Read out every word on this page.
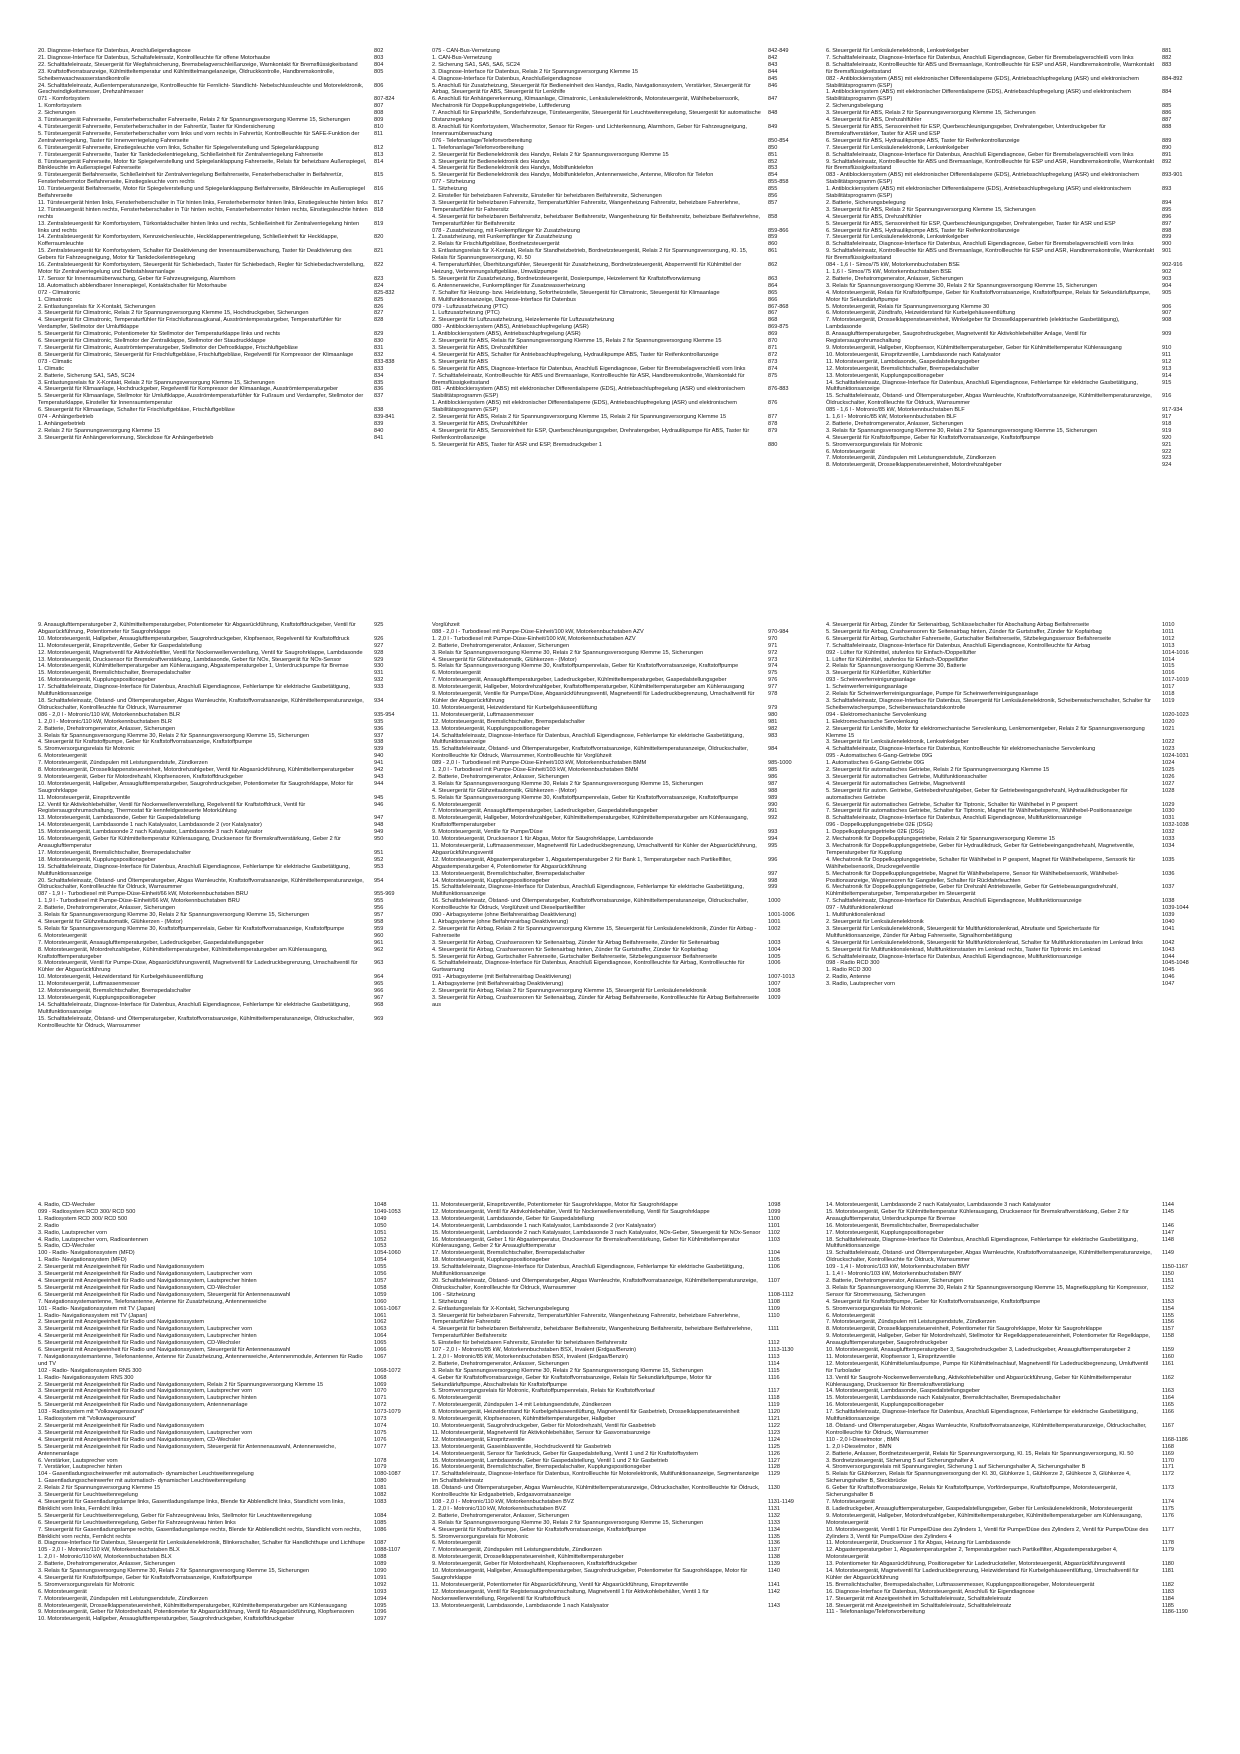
20. Diagnose-Interface für Datenbus, Anschlußeigendiagnose	802
21. Diagnose-Interface für Datenbus, Schaltafeleinsatz, Kontrollleuchte für offene Motorhaube	803
22. Schalttafeleinsatz, Steuergerät für Wegfahrsicherung, Bremsbelagverschleißanzeige, Warnkontakt für Bremsflüssigkeitsstand	804
23. Kraftstoffvorratsanzeige, Kühlmitteltemperatur und Kühlmittelmangelanzeige, Öldruckkontrolle, Handbremskontrolle, Scheibenwaschwasserstandkontrolle
805
24. Schalttafeleinsatz, Außentemperaturanzeige, Kontrollleuchte für Fernlicht- Standlicht- Nebelschlussleuchte und Motorelektronik, Geschwindigkeitsmesser, Drehzahlmesser
806
071 - Komfortsystem	807-824
1. Komfortsystem	807
2. Sicherungen	808
3. Türsteuergerät Fahrerseite, Fensterheberschalter Fahrerseite, Relais 2 für Spannungsversorgung Klemme 15, Sicherungen	809
4. Türsteuergerät Fahrerseite, Fensterheberschalter in der Fahrertür, Taster für Kindersicherung	810
5. Türsteuergerät Fahrerseite, Fensterheberschalter vorn links und vorn rechts in Fahrertür, Kontrollleuchte für SAFE-Funktion der Zentralverriegelung, Taster für Innenverriegelung Fahrerseite
811
6. Türsteuergerät Fahrerseite, Einstiegsleuchte vorn links, Schalter für Spiegelverstellung und Spiegelanklappung	812
7. Türsteuergerät Fahrerseite, Taster für Tankdeckelentriegelung, Schließeinheit für Zentralverriegelung Fahrerseite	813
8. Türsteuergerät Fahrerseite, Motor für Spiegelverstellung und Spiegelanklappung Fahrerseite, Relais für beheizbare Außenspiegel, Blinkleuchte im Außenspiegel Fahrerseite
814
9. Türsteuergerät Beifahrerseite, Schließeinheit für Zentralverriegelung Beifahrerseite, Fensterheberschalter in Beifahrertür, Fensterhebermotor Beifahrerseite, Einstiegsleuchte vorn rechts
815
10. Türsteuergerät Beifahrerseite, Motor für Spiegelverstellung und Spiegelanklappung Beifahrerseite, Blinkleuchte im Außenspiegel Beifahrerseite
816
11. Türsteuergerät hinten links, Fensterheberschalter in Tür hinten links, Fensterhebermotor hinten links, Einstiegsleuchte hinten links	817
12. Türsteuergerät hinten rechts, Fensterheberschalter in Tür hinten rechts, Fensterhebermotor hinten rechts, Einstiegsleuchte hinten rechts
818
13. Zentralsteuergerät für Komfortsystem, Türkontaktschalter hinten links und rechts, Schließeinheit für Zentralverriegelung hinten links und rechts
819
14. Zentralsteuergerät für Komfortsystem, Kennzeichenleuchte, Heckklappenentriegelung, Schließeinheit für Heckklappe, Kofferraumleuchte
820
15. Zentralsteuergerät für Komfortsystem, Schalter für Deaktivierung der Innenraumüberwachung, Taster für Deaktivierung des Gebers für Fahrzeugneigung, Motor für Tankdeckelentriegelung
821
16. Zentralsteuergerät für Komfortsystem, Steuergerät für Schiebedach, Taster für Schiebedach, Regler für Schiebedachverstellung, Motor für Zentralverriegelung und Diebstahlwarnanlage
822
17. Sensor für Innenraumüberwachung, Geber für Fahrzeugneigung, Alarmhorn	823
18. Automatisch abblendbarer Innenspiegel, Kontaktschalter für Motorhaube	824
072 - Climatronic	825-832
1. Climatronic	825
2. Entlastungsrelais für X-Kontakt, Sicherungen	826
3. Steuergerät für Climatronic, Relais 2 für Spannungsversorgung Klemme 15, Hochdruckgeber, Sicherungen	827
4. Steuergerät für Climatronic, Temperaturfühler für Frischluftansaugkanal, Ausströmtemperaturgeber, Temperaturfühler für Verdampfer, Stellmotor der Umluftklappe
828
5. Steuergerät für Climatronic, Potentiometer für Stellmotor der Temperaturklappe links und rechts	829
6. Steuergerät für Climatronic, Stellmotor der Zentralklappe, Stellmotor der Staudruckklappe	830
7. Steuergerät für Climatronic, Ausströmtemperaturgeber, Stellmotor der Defrostklappe, Frischluftgebläse	831
8. Steuergerät für Climatronic, Steuergerät für Frischluftgebläse, Frischluftgebläse, Regelventil für Kompressor der Klimaanlage	832
073 - Climatic	833-838
1. Climatic	833
2. Batterie, Sicherung SA1, SA5, SC24	834
3. Entlastungsrelais für X-Kontakt, Relais 2 für Spannungsversorgung Klemme 15, Sicherungen	835
4. Steuergerät für Klimaanlage, Hochdruckgeber, Regelventil für Kompressor der Klimaanlage, Ausströmtemperaturgeber	836
5. Steuergerät für Klimaanlage, Stellmotor für Umluftklappe, Ausströmtemperaturfühler für Fußraum und Verdampfer, Stellmotor der Temperaturklappe, Einsteller für Innenraumtemperatur
837
6. Steuergerät für Klimaanlage, Schalter für Frischluftgebläse, Frischluftgebläse	838
074 - Anhängerbetrieb	839-841
1. Anhängerbetrieb	839
2. Relais 2 für Spannungsversorgung Klemme 15	840
3. Steuergerät für Anhängererkennung, Steckdose für Anhängerbetrieb	841
075 - CAN-Bus-Vernetzung	842-849
1. CAN-Bus-Vernetzung	842
2. Sicherung SA1, SA5, SA6, SC24	843
3. Diagnose-Interface für Datenbus, Relais 2 für Spannungsversorgung Klemme 15	844
4. Diagnose-Interface für Datenbus, Anschlußeigendiagnose	845
5. Anschluß für Zusatzheizung, Steuergerät für Bedieneinheit des Handys, Radio, Navigationssystem, Verstärker, Steuergerät für Airbag, Steuergerät für ABS, Steuergerät für Lenkhilfe
846
6. Anschluß für Anhängererkennung, Klimaanlage, Climatronic, Lenksäulenelektronik, Motorsteuergerät, Wählhebelsensorik, Mechatronik für Doppelkupplungsgetriebe, Luftfederung
847
7. Anschluß für Einparkhilfe, Sonderfahrzeuge, Türsteuergeräte, Steuergerät für Leuchtweitenregelung, Steuergerät für automatische Distanzregelung
848
8. Anschluß für Komfortsystem, Wischermotor, Sensor für Regen- und Lichterkennung, Alarmhorn, Geber für Fahrzeugneigung, Innenraumüberwachung
849
076 - Telefonanlage/Telefonvorbereitung	850-854
1. Telefonanlage/Telefonvorbereitung	850
2. Steuergerät für Bedienelektronik des Handys, Relais 2 für Spannungsversorgung Klemme 15	851
3. Steuergerät für Bedienelektronik des Handys	852
4. Steuergerät für Bedienelektronik des Handys, Mobilfunktelefon	853
5. Steuergerät für Bedienelektronik des Handys, Mobilfunktelefon, Antennenweiche, Antenne, Mikrofon für Telefon	854
077 - Sitzheizung	855-858
1. Sitzheizung	855
2. Einsteller für beheizbaren Fahrersitz, Einsteller für beheizbaren Beifahrersitz, Sicherungen	856
3. Steuergerät für beheizbaren Fahrersitz, Temperaturfühler Fahrersitz, Wangenheizung Fahrersitz, beheizbare Fahrerlehne, Temperaturfühler für Fahrersitz
857
4. Steuergerät für beheizbaren Beifahrersitz, beheizbarer Beifahrersitz, Wangenheizung für Beifahrersitz, beheizbare Beifahrerlehne, Temperaturfühler für Beifahrersitz
858
078 - Zusatzheizung, mit Funkempfänger für Zusatzheizung	859-866
1. Zusatzheizung, mit Funkempfänger für Zusatzheizung	859
2. Relais für Frischluftgebläse, Bordnetzsteuergerät	860
3. Entlastungsrelais für X-Kontakt, Relais für Standheizbetrieb, Bordnetzsteuergerät, Relais 2 für Spannungsversorgung, Kl. 15, Relais für Spannungsversorgung, Kl. 50
861
4. Temperaturfühler, Überhitzungsfühler, Steuergerät für Zusatzheizung, Bordnetzsteuergerät, Absperrventil für Kühlmittel der Heizung, Verbrennungsluftgebläse, Umwälzpumpe
862
5. Steuergerät für Zusatzheizung, Bordnetzsteuergerät, Dosierpumpe, Heizelement für Kraftstoffvorwärmung	863
6. Antennenweiche, Funkempfänger für Zusatzwasserheizung	864
7. Schalter für Heizung- bzw. Heizleistung, Sofortheizstelle, Steuergerät für Climatronic, Steuergerät für Klimaanlage	865
8. Multifunktionsanzeige, Diagnose-Interface für Datenbus	866
079 - Luftzusatzheizung (PTC)	867-868
1. Luftzusatzheizung (PTC)	867
2. Steuergerät für Luftzusatzheizung, Heizelemente für Luftzusatzheizung	868
080 - Antiblockiersystem (ABS), Antriebsschlupfregelung (ASR)	869-875
1. Antiblockiersystem (ABS), Antriebsschlupfregelung (ASR)	869
2. Steuergerät für ABS, Relais für Spannungsversorgung Klemme 15, Relais 2 für Spannungsversorgung Klemme 15	870
3. Steuergerät für ABS, Drehzahlfühler	871
4. Steuergerät für ABS, Schalter für Antriebsschlupfregelung, Hydraulikpumpe ABS, Taster für Reifenkontrollanzeige	872
5. Steuergerät für ABS	873
6. Steuergerät für ABS, Diagnose-Interface für Datenbus, Anschluß Eigendiagnose, Geber für Bremsbelagverschleiß vorn links	874
7. Schalttafeleinsatz, Kontrollleuchte für ABS und Bremsanlage, Kontrollleuchte für ASR, Handbremskontrolle, Warnkontakt für Bremsflüssigkeitsstand
875
081 - Antiblockiersystem (ABS) mit elektronischer Differentialsperre (EDS), Antriebsschlupfregelung (ASR) und elektronischem Stabilitätsprogramm (ESP)
876-883
1. Antiblockiersystem (ABS) mit elektronischer Differentialsperre (EDS), Antriebsschlupfregelung (ASR) und elektronischem Stabilitätsprogramm (ESP)
876
2. Steuergerät für ABS, Relais 2 für Spannungsversorgung Klemme 15, Relais 2 für Spannungsversorgung Klemme 15	877
3. Steuergerät für ABS, Drehzahlfühler	878
4. Steuergerät für ABS, Sensoreinheit für ESP, Querbeschleunigungsgeber, Drehratengeber, Hydraulikpumpe für ABS, Taster für Reifenkontrollanzeige
879
5. Steuergerät für ABS, Taster für ASR und ESP, Bremsdruckgeber 1	880
6. Steuergerät für Lenksäulenelektronik, Lenkwinkelgeber	881
7. Schalttafeleinsatz, Diagnose-Interface für Datenbus, Anschluß Eigendiagnose, Geber für Bremsbelagverschleiß vorn links	882
8. Schalttafeleinsatz, Kontrollleuchte für ABS und Bremsanlage, Kontrollleuchte für ESP und ASR, Handbremskontrolle, Warnkontakt für Bremsflüssigkeitsstand
883
082 - Antiblockiersystem (ABS) mit elektronischer Differentialsperre (EDS), Antriebsschlupfregelung (ASR) und elektronischem Stabilitätsprogramm (ESP)
884-892
1. Antiblockiersystem (ABS) mit elektronischer Differentialsperre (EDS), Antriebsschlupfregelung (ASR) und elektronischem Stabilitätsprogramm (ESP)
884
2. Sicherungsbelegung	885
3. Steuergerät für ABS, Relais 2 für Spannungsversorgung Klemme 15, Sicherungen	886
4. Steuergerät für ABS, Drehzahlfühler	887
5. Steuergerät für ABS, Sensoreinheit für ESP, Querbeschleunigungsgeber, Drehratengeber, Unterdruckgeber für Bremskraftverstärker, Taster für ASR und ESP
888
6. Steuergerät für ABS, Hydraulikpumpe ABS, Taster für Reifenkontrollanzeige	889
7. Steuergerät für Lenksäulenelektronik, Lenkwinkelgeber	890
8. Schalttafeleinsatz, Diagnose-Interface für Datenbus, Anschluß Eigendiagnose, Geber für Bremsbelagverschleiß vorn links	891
9. Schalttafeleinsatz, Kontrollleuchte für ABS und Bremsanlage, Kontrollleuchte für ESP und ASR, Handbremskontrolle, Warnkontakt für Bremsflüssigkeitsstand
892
083 - Antiblockiersystem (ABS) mit elektronischer Differentialsperre (EDS), Antriebsschlupfregelung (ASR) und elektronischem Stabilitätsprogramm (ESP)
893-901
1. Antiblockiersystem (ABS) mit elektronischer Differentialsperre (EDS), Antriebsschlupfregelung (ASR) und elektronischem Stabilitätsprogramm (ESP)
893
2. Batterie, Sicherungsbelegung	894
3. Steuergerät für ABS, Relais 2 für Spannungsversorgung Klemme 15, Sicherungen	895
4. Steuergerät für ABS, Drehzahlfühler	896
5. Steuergerät für ABS, Sensoreinheit für ESP, Querbeschleunigungsgeber, Drehratengeber, Taster für ASR und ESP	897
6. Steuergerät für ABS, Hydraulikpumpe ABS, Taster für Reifenkontrollanzeige	898
7. Steuergerät für Lenksäulenelektronik, Lenkwinkelgeber	899
8. Schalttafeleinsatz, Diagnose-Interface für Datenbus, Anschluß Eigendiagnose, Geber für Bremsbelagverschleiß vorn links	900
9. Schalttafeleinsatz, Kontrollleuchte für ABS und Bremsanlage, Kontrollleuchte für ESP und ASR, Handbremskontrolle, Warnkontakt für Bremsflüssigkeitsstand
901
084 - 1,6 l - Simos/75 kW, Motorkennbuchstaben BSE	902-916
1. 1,6 l - Simos/75 kW, Motorkennbuchstaben BSE	902
2. Batterie, Drehstromgenerator, Anlasser, Sicherungen	903
3. Relais für Spannungsversorgung Klemme 30, Relais 2 für Spannungsversorgung Klemme 15, Sicherungen	904
4. Motorsteuergerät, Relais für Kraftstoffpumpe, Geber für Kraftstoffvorratsanzeige, Kraftstoffpumpe, Relais für Sekundärluftpumpe, Motor für Sekundärluftpumpe
905
5. Motorsteuergerät, Relais für Spannungsversorgung Klemme 30	906
6. Motorsteuergerät, Zündtrafo, Heizwiderstand für Kurbelgehäuseentlüftung	907
7. Motorsteuergerät, Drosselklappensteuereinheit, Winkelgeber für Drosselklappenantrieb (elektrische Gasbetätigung), Lambdasonde
908
8. Ansauglufttemperaturgeber, Saugrohrdruckgeber, Magnetventil für Aktivkohlebehälter Anlage, Ventil für Registersaugrohrumschaltung
909
9. Motorsteuergerät, Hallgeber, Klopfsensor, Kühlmitteltemperaturgeber, Geber für Kühlmitteltemperatur Kühlerausgang	910
10. Motorsteuergerät, Einspritzventile, Lambdasonde nach Katalysator	911
11. Motorsteuergerät, Lambdasonde, Gaspedalstellungsgeber	912
12. Motorsteuergerät, Bremslichtschalter, Bremspedalschalter	913
13. Motorsteuergerät, Kupplungspositionsgeber	914
14. Schalttafeleinsatz, Diagnose-Interface für Datenbus, Anschluß Eigendiagnose, Fehlerlampe für elektrische Gasbetätigung, Multifunktionsanzeige
915
15. Schalttafeleinsatz, Ölstand- und Öltemperaturgeber, Abgas Warnleuchte, Kraftstoffvorratsanzeige, Kühlmitteltemperaturanzeige, Öldruckschalter, Kontrollleuchte für Öldruck, Warnsummer
916
085 - 1,6 l - Motronic/85 kW, Motorkennbuchstaben BLF	917-934
1. 1,6 l - Motronic/85 kW, Motorkennbuchstaben BLF	917
2. Batterie, Drehstromgenerator, Anlasser, Sicherungen	918
3. Relais für Spannungsversorgung Klemme 30, Relais 2 für Spannungsversorgung Klemme 15, Sicherungen	919
4. Steuergerät für Kraftstoffpumpe, Geber für Kraftstoffvorratsanzeige, Kraftstoffpumpe	920
5. Stromversorgungsrelais für Motronic	921
6. Motorsteuergerät	922
7. Motorsteuergerät, Zündspulen mit Leistungsendstufe, Zündkerzen	923
8. Motorsteuergerät, Drosselklappensteuereinheit, Motordrehzahlgeber	924
9. Ansauglufttemperaturgeber 2, Kühlmitteltemperaturgeber, Potentiometer für Abgasrückführung, Kraftstoffdruckgeber, Ventil für Abgasrückführung, Potentiometer für Saugrohrklappe
925
10. Motorsteuergerät, Hallgeber, Ansauglufttemperaturgeber, Saugrohrdruckgeber, Klopfsensor, Regelventil für Kraftstoffdruck	926
11. Motorsteuergerät, Einspritzventile, Geber für Gaspedalstellung	927
12. Motorsteuergerät, Magnetventil für Aktivkohlefilter, Ventil für Nockenwellenverstellung, Ventil für Saugrohrklappe, Lambdasonde	928
13. Motorsteuergerät, Drucksensor für Bremskraftverstärkung, Lambdasonde, Geber für NOx, Steuergerät für NOx-Sensor	929
14. Motorsteuergerät, Kühlmitteltemperaturgeber am Kühlerausgang, Abgastemperaturgeber 1, Unterdruckpumpe für Bremse	930
15. Motorsteuergerät, Bremslichtschalter, Bremspedalschalter	931
16. Motorsteuergerät, Kupplungspositionsgeber	932
17. Schalttafeleinsatz, Diagnose-Interface für Datenbus, Anschluß Eigendiagnose, Fehlerlampe für elektrische Gasbetätigung, Multifunktionsanzeige
933
18. Schalttafeleinsatz, Ölstand- und Öltemperaturgeber, Abgas Warnleuchte, Kraftstoffvorratsanzeige, Kühlmitteltemperaturanzeige, Öldruckschalter, Kontrollleuchte für Öldruck, Warnsummer
934
086 - 2,0 l - Motronic/110 kW, Motorkennbuchstaben BLR	935-954
1. 2,0 l - Motronic/110 kW, Motorkennbuchstaben BLR	935
2. Batterie, Drehstromgenerator, Anlasser, Sicherungen	936
3. Relais für Spannungsversorgung Klemme 30, Relais 2 für Spannungsversorgung Klemme 15, Sicherungen	937
4. Steuergerät für Kraftstoffpumpe, Geber für Kraftstoffvorratsanzeige, Kraftstoffpumpe	938
5. Stromversorgungsrelais für Motronic	939
6. Motorsteuergerät	940
7. Motorsteuergerät, Zündspulen mit Leistungsendstufe, Zündkerzen	941
8. Motorsteuergerät, Drosselklappensteuereinheit, Motordrehzahlgeber, Ventil für Abgasrückführung, Kühlmitteltemperaturgeber	942
9. Motorsteuergerät, Geber für Motordrehzahl, Klopfsensoren, Kraftstoffdruckgeber	943
10. Motorsteuergerät, Hallgeber, Ansauglufttemperaturgeber, Saugrohrdruckgeber, Potentiometer für Saugrohrklappe, Motor für Saugrohrklappe
944
11. Motorsteuergerät, Einspritzventile	945
12. Ventil für Aktivkohlebehälter, Ventil für Nockenwellenverstellung, Regelventil für Kraftstoffdruck, Ventil für Registersaugrohrumschaltung, Thermostat für kennfeldgesteuerte Motorkühlung
946
13. Motorsteuergerät, Lambdasonde, Geber für Gaspedalstellung	947
14. Motorsteuergerät, Lambdasonde 1 nach Katalysator, Lambdasonde 2 (vor Katalysator)	948
15. Motorsteuergerät, Lambdasonde 2 nach Katalysator, Lambdasonde 3 nach Katalysator	949
16. Motorsteuergerät, Geber für Kühlmitteltemperatur Kühlerausgang, Drucksensor für Bremskraftverstärkung, Geber 2 für Ansauglufttemperatur
950
17. Motorsteuergerät, Bremslichtschalter, Bremspedalschalter	951
18. Motorsteuergerät, Kupplungspositionsgeber	952
19. Schalttafeleinsatz, Diagnose-Interface für Datenbus, Anschluß Eigendiagnose, Fehlerlampe für elektrische Gasbetätigung, Multifunktionsanzeige
953
20. Schalttafeleinsatz, Ölstand- und Öltemperaturgeber, Abgas Warnleuchte, Kraftstoffvorratsanzeige, Kühlmitteltemperaturanzeige, Öldruckschalter, Kontrollleuchte für Öldruck, Warnsummer
954
087 - 1,9 l - Turbodiesel mit Pumpe-Düse-Einheit/66 kW, Motorkennbuchstaben BRU	955-969
1. 1,9 l - Turbodiesel mit Pumpe-Düse-Einheit/66 kW, Motorkennbuchstaben BRU	955
2. Batterie, Drehstromgenerator, Anlasser, Sicherungen	956
3. Relais für Spannungsversorgung Klemme 30, Relais 2 für Spannungsversorgung Klemme 15, Sicherungen	957
4. Steuergerät für Glühzeitautomatik, Glühkerzen - (Motor)	958
5. Relais für Spannungsversorgung Klemme 30, Kraftstoffpumpenrelais, Geber für Kraftstoffvorratsanzeige, Kraftstoffpumpe	959
6. Motorsteuergerät	960
7. Motorsteuergerät, Ansauglufttemperaturgeber, Ladedruckgeber, Gaspedalstellungsgeber	961
8. Motorsteuergerät, Motordrehzahlgeber, Kühlmitteltemperaturgeber, Kühlmitteltemperaturgeber am Kühlerausgang, Kraftstofftemperaturgeber
962
9. Motorsteuergerät, Ventil für Pumpe-Düse, Abgasrückführungsventil, Magnetventil für Ladedruckbegrenzung, Umschaltventil für Kühler der Abgasrückführung
963
10. Motorsteuergerät, Heizwiderstand für Kurbelgehäuseentlüftung	964
11. Motorsteuergerät, Luftmassenmesser	965
12. Motorsteuergerät, Bremslichtschalter, Bremspedalschalter	966
13. Motorsteuergerät, Kupplungspositionsgeber	967
14. Schalttafeleinsatz, Diagnose-Interface für Datenbus, Anschluß Eigendiagnose, Fehlerlampe für elektrische Gasbetätigung, Multifunktionsanzeige
968
15. Schalttafeleinsatz, Ölstand- und Öltemperaturgeber, Kraftstoffvorratsanzeige, Kühlmitteltemperaturanzeige, Öldruckschalter, Kontrollleuchte für Öldruck, Warnsummer
969
Vorglühzeit
088 - 2,0 l - Turbodiesel mit Pumpe-Düse-Einheit/100 kW, Motorkennbuchstaben AZV	970-984
1. 2,0 l - Turbodiesel mit Pumpe-Düse-Einheit/100 kW, Motorkennbuchstaben AZV	970
2. Batterie, Drehstromgenerator, Anlasser, Sicherungen	971
3. Relais für Spannungsversorgung Klemme 30, Relais 2 für Spannungsversorgung Klemme 15, Sicherungen	972
4. Steuergerät für Glühzeitautomatik, Glühkerzen - (Motor)	973
5. Relais für Spannungsversorgung Klemme 30, Kraftstoffpumpenrelais, Geber für Kraftstoffvorratsanzeige, Kraftstoffpumpe	974
6. Motorsteuergerät	975
7. Motorsteuergerät, Ansauglufttemperaturgeber, Ladedruckgeber, Kühlmitteltemperaturgeber, Gaspedalstellungsgeber	976
8. Motorsteuergerät, Hallgeber, Motordrehzahlgeber, Kraftstofftemperaturgeber, Kühlmitteltemperaturgeber am Kühlerausgang	977
9. Motorsteuergerät, Ventile für Pumpe/Düse, Abgasrückführungsventil, Magnetventil für Ladedruckbegrenzung, Umschaltventil für Kühler der Abgasrückführung
978
10. Motorsteuergerät, Heizwiderstand für Kurbelgehäuseentlüftung	979
11. Motorsteuergerät, Luftmassenmesser	980
12. Motorsteuergerät, Bremslichtschalter, Bremspedalschalter	981
13. Motorsteuergerät, Kupplungspositionsgeber	982
14. Schalttafeleinsatz, Diagnose-Interface für Datenbus, Anschluß Eigendiagnose, Fehlerlampe für elektrische Gasbetätigung, Multifunktionsanzeige
983
15. Schalttafeleinsatz, Ölstand- und Öltemperaturgeber, Kraftstoffvorratsanzeige, Kühlmitteltemperaturanzeige, Öldruckschalter, Kontrollleuchte für Öldruck, Warnsummer, Kontrollleuchte für Vorglühzeit
984
089 - 2,0 l - Turbodiesel mit Pumpe-Düse-Einheit/103 kW, Motorkennbuchstaben BMM	985-1000
1. 2,0 l - Turbodiesel mit Pumpe-Düse-Einheit/103 kW, Motorkennbuchstaben BMM	985
2. Batterie, Drehstromgenerator, Anlasser, Sicherungen	986
3. Relais für Spannungsversorgung Klemme 30, Relais 2 für Spannungsversorgung Klemme 15, Sicherungen	987
4. Steuergerät für Glühzeitautomatik, Glühkerzen - (Motor)	988
5. Relais für Spannungsversorgung Klemme 30, Kraftstoffpumpenrelais, Geber für Kraftstoffvorratsanzeige, Kraftstoffpumpe	989
6. Motorsteuergerät	990
7. Motorsteuergerät, Ansauglufttemperaturgeber, Ladedruckgeber, Gaspedalstellungsgeber	991
8. Motorsteuergerät, Hallgeber, Motordrehzahlgeber, Kühlmitteltemperaturgeber, Kühlmitteltemperaturgeber am Kühlerausgang, Kraftstofftemperaturgeber
992
9. Motorsteuergerät, Ventile für Pumpe/Düse	993
10. Motorsteuergerät, Drucksensor 1 für Abgas, Motor für Saugrohrklappe, Lambdasonde	994
11. Motorsteuergerät, Luftmassenmesser, Magnetventil für Ladedruckbegrenzung, Umschaltventil für Kühler der Abgasrückführung, Abgasrückführungsventil
995
12. Motorsteuergerät, Abgastemperaturgeber 1, Abgastemperaturgeber 2 für Bank 1, Temperaturgeber nach Partikelfilter, Abgastemperaturgeber 4, Potentiometer für Abgasrückführung
996
13. Motorsteuergerät, Bremslichtschalter, Bremspedalschalter	997
14. Motorsteuergerät, Kupplungspositionsgeber	998
15. Schalttafeleinsatz, Diagnose-Interface für Datenbus, Anschluß Eigendiagnose, Fehlerlampe für elektrische Gasbetätigung, Multifunktionsanzeige
999
16. Schalttafeleinsatz, Ölstand- und Öltemperaturgeber, Kraftstoffvorratsanzeige, Kühlmitteltemperaturanzeige, Öldruckschalter, Kontrollleuchte für Öldruck, Vorglühzeit und Dieselpartikelfilter
1000
090 - Airbagsysteme (ohne Beifahrerairbag Deaktivierung)	1001-1006
1. Airbagsysteme (ohne Beifahrerairbag Deaktivierung)	1001
2. Steuergerät für Airbag, Relais 2 für Spannungsversorgung Klemme 15, Steuergerät für Lenksäulenelektronik, Zünder für Airbag - Fahrerseite
1002
3. Steuergerät für Airbag, Crashsensoren für Seitenairbag, Zünder für Airbag Beifahrerseite, Zünder für Seitenairbag	1003
4. Steuergerät für Airbag, Crashsensoren für Seitenairbag hinten, Zünder für Gurtstraffer, Zünder für Kopfairbag	1004
5. Steuergerät für Airbag, Gurtschalter Fahrerseite, Gurtschalter Beifahrerseite, Sitzbelegungssensor Beifahrerseite	1005
6. Schalttafeleinsatz, Diagnose-Interface für Datenbus, Anschluß Eigendiagnose, Kontrollleuchte für Airbag, Kontrollleuchte für Gurtwarnung
1006
091 - Airbagsysteme (mit Beifahrerairbag Deaktivierung)	1007-1013
1. Airbagsysteme (mit Beifahrerairbag Deaktivierung)	1007
2. Steuergerät für Airbag, Relais 2 für Spannungsversorgung Klemme 15, Steuergerät für Lenksäulenelektronik	1008
3. Steuergerät für Airbag, Crashsensoren für Seitenairbag, Zünder für Airbag Beifahrerseite, Kontrollleuchte für Airbag Beifahrerseite aus
1009
4. Steuergerät für Airbag, Zünder für Seitenairbag, Schlüsselschalter für Abschaltung Airbag Beifahrerseite	1010
5. Steuergerät für Airbag, Crashsensoren für Seitenairbag hinten, Zünder für Gurtstraffer, Zünder für Kopfairbag	1011
6. Steuergerät für Airbag, Gurtschalter Fahrerseite, Gurtschalter Beifahrerseite, Sitzbelegungssensor Beifahrerseite	1012
7. Schalttafeleinsatz, Diagnose-Interface für Datenbus, Anschluß Eigendiagnose, Kontrollleuchte für Airbag	1013
092 - Lüfter für Kühlmittel, stufenlos für Einfach-/Doppellüfter	1014-1016
1. Lüfter für Kühlmittel, stufenlos für Einfach-/Doppellüfter	1014
2. Relais für Spannungsversorgung Klemme 30, Batterie	1015
3. Steuergerät für Kühlerlüfter, Kühlerlüfter	1016
093 - Scheinwerferreinigungsanlage	1017-1019
1. Scheinwerferreinigungsanlage	1017
2. Relais für Scheinwerferreinigungsanlage, Pumpe für Scheinwerferreinigungsanlage	1018
3. Schalttafeleinsatz, Diagnose-Interface für Datenbus, Steuergerät für Lenksäulenelektronik, Scheibenwischerschalter, Schalter für Scheibenwischerpumpe, Scheibenwaschstandskontrolle
1019
094 - Elektromechanische Servolenkung	1020-1023
1. Elektromechanische Servolenkung	1020
2. Steuergerät für Lenkhilfe, Motor für elektromechanische Servolenkung, Lenkmomentgeber, Relais 2 für Spannungsversorgung Klemme 15
1021
3. Steuergerät für Lenksäulenelektronik, Lenkwinkelgeber	1022
4. Schalttafeleinsatz, Diagnose-Interface für Datenbus, Kontrollleuchte für elektromechanische Servolenkung	1023
095 - Automatisches 6-Gang-Getriebe 09G	1024-1031
1. Automatisches 6-Gang-Getriebe 09G	1024
2. Steuergerät für automatisches Getriebe, Relais 2 für Spannungsversorgung Klemme 15	1025
3. Steuergerät für automatisches Getriebe, Multifunktionsschalter	1026
4. Steuergerät für automatisches Getriebe, Magnetventil	1027
5. Steuergerät für autom. Getriebe, Getriebedrehzahlgeber, Geber für Getriebeeingangsdrehzahl, Hydraulikdruckgeber für automatisches Getriebe
1028
6. Steuergerät für automatisches Getriebe, Schalter für Tiptronic, Schalter für Wählhebel in P gesperrt	1029
7. Steuergerät für automatisches Getriebe, Schalter für Tiptronic, Magnet für Wählhebelsperre, Wählhebel-Positionsanzeige	1030
8. Schalttafeleinsatz, Diagnose-Interface für Datenbus, Anschluß Eigendiagnose, Multifunktionsanzeige	1031
096 - Doppelkupplungsgetriebe 02E (DSG)	1032-1038
1. Doppelkupplungsgetriebe 02E (DSG)	1032
2. Mechatronik für Doppelkupplungsgetriebe, Relais 2 für Spannungsversorgung Klemme 15	1033
3. Mechatronik für Doppelkupplungsgetriebe, Geber für Hydraulikdruck, Geber für Getriebeeingangsdrehzahl, Magnetventile, Temperaturgeber für Kupplung
1034
4. Mechatronik für Doppelkupplungsgetriebe, Schalter für Wählhebel in P gesperrt, Magnet für Wählhebelsperre, Sensorik für Wählhebelsensorik, Druckregelventile
1035
5. Mechatronik für Doppelkupplungsgetriebe, Magnet für Wählhebelsperre, Sensor für Wählhebelsensorik, Wählhebel-Positionsanzeige, Wegsensoren für Gangsteller, Schalter für Rückfahrleuchten
1036
6. Mechatronik für Doppelkupplungsgetriebe, Geber für Drehzahl Antriebswelle, Geber für Getriebeausgangsdrehzahl, Kühlmitteltemperaturgeber, Temperaturgeber im Steuergerät
1037
7. Schalttafeleinsatz, Diagnose-Interface für Datenbus, Anschluß Eigendiagnose, Multifunktionsanzeige	1038
097 - Multifunktionslenkrad	1039-1044
1. Multifunktionslenkrad	1039
2. Steuergerät für Lenksäulenelektronik	1040
3. Steuergerät für Lenksäulenelektronik, Steuergerät für Multifunktionslenkrad, Abrufaste und Speichertaste für Multifunktionsanzeige, Zünder für Airbag Fahrerseite, Signalhornbetätigung
1041
4. Steuergerät für Lenksäulenelektronik, Steuergerät für Multifunktionslenkrad, Schalter für Multifunktionstasten im Lenkrad links	1042
5. Steuergerät für Multifunktionslenkrad, Multifunktionstasten im Lenkrad rechts, Taster für Tiptronic im Lenkrad	1043
6. Schalttafeleinsatz, Diagnose-Interface für Datenbus, Anschluß Eigendiagnose, Multifunktionsanzeige	1044
098 - Radio RCD 300	1045-1048
1. Radio RCD 300	1045
2. Radio, Antenne	1046
3. Radio, Lautsprecher vorn	1047
4. Radio, CD-Wechsler	1048
099 - Radiosystem RCD 300/ RCD 500	1049-1053
1. Radiosystem RCD 300/ RCD 500	1049
2. Radio	1050
3. Radio, Lautsprecher vorn	1051
4. Radio, Lautsprecher vorn, Radioantennen	1052
5. Radio, CD-Wechsler	1053
100 - Radio- Navigationssystem (MFD)	1054-1060
1. Radio- Navigationssystem (MFD)	1054
2. Steuergerät mit Anzeigeeinheit für Radio und Navigationssystem	1055
3. Steuergerät mit Anzeigeeinheit für Radio und Navigationssystem, Lautsprecher vorn	1056
4. Steuergerät mit Anzeigeeinheit für Radio und Navigationssystem, Lautsprecher hinten	1057
5. Steuergerät mit Anzeigeeinheit für Radio und Navigationssystem, CD-Wechsler	1058
6. Steuergerät mit Anzeigeeinheit für Radio und Navigationssystem, Steuergerät für Antennenauswahl	1059
7. Navigationssystemantenne, Telefonantenne, Antenne für Zusatzheizung, Antennenweiche	1060
101 - Radio- Navigationssystem mit TV (Japan)	1061-1067
1. Radio- Navigationssystem mit TV (Japan)	1061
2. Steuergerät mit Anzeigeeinheit für Radio und Navigationssystem	1062
3. Steuergerät mit Anzeigeeinheit für Radio und Navigationssystem, Lautsprecher vorn	1063
4. Steuergerät mit Anzeigeeinheit für Radio und Navigationssystem, Lautsprecher hinten	1064
5. Steuergerät mit Anzeigeeinheit für Radio und Navigationssystem, CD-Wechsler	1065
6. Steuergerät mit Anzeigeeinheit für Radio und Navigationssystem, Steuergerät für Antennenauswahl	1066
7. Navigationssystemantenne, Telefonantenne, Antenne für Zusatzheizung, Antennenweiche, Antennenmodule, Antennen für Radio und TV
1067
102 - Radio- Navigationssystem RNS 300	1068-1072
1. Radio- Navigationssystem RNS 300	1068
2. Steuergerät mit Anzeigeeinheit für Radio und Navigationssystem, Relais 2 für Spannungsversorgung Klemme 15	1069
3. Steuergerät mit Anzeigeeinheit für Radio und Navigationssystem, Lautsprecher vorn	1070
4. Steuergerät mit Anzeigeeinheit für Radio und Navigationssystem, Lautsprecher hinten	1071
5. Steuergerät mit Anzeigeeinheit für Radio und Navigationssystem, Antennenanlage	1072
103 - Radiosystem mit "Volkswagensound"	1073-1079
1. Radiosystem mit "Volkswagensound"	1073
2. Steuergerät mit Anzeigeeinheit für Radio und Navigationssystem	1074
3. Steuergerät mit Anzeigeeinheit für Radio und Navigationssystem, Lautsprecher vorn	1075
4. Steuergerät mit Anzeigeeinheit für Radio und Navigationssystem, CD-Wechsler	1076
5. Steuergerät mit Anzeigeeinheit für Radio und Navigationssystem, Steuergerät für Antennenauswahl, Antennenweiche, Antennenanlage
1077
6. Verstärker, Lautsprecher vorn	1078
7. Verstärker, Lautsprecher hinten	1079
104 - Gasentladungsscheinwerfer mit automatisch- dynamischer Leuchtweitenregelung	1080-1087
1. Gasentladungsscheinwerfer mit automatisch- dynamischer Leuchtweitenregelung	1080
2. Relais 2 für Spannungsversorgung Klemme 15	1081
3. Steuergerät für Leuchtweitenregelung	1082
4. Steuergerät für Gasentladungslampe links, Gasentladungslampe links, Blende für Abblendlicht links, Standlicht vorn links, Blinklicht vorn links, Fernlicht links
1083
5. Steuergerät für Leuchtweitenregelung, Geber für Fahrzeugniveau links, Stellmotor für Leuchtweitenregelung	1084
6. Steuergerät für Leuchtweitenregelung, Geber für Fahrzeugniveau hinten links	1085
7. Steuergerät für Gasentladungslampe rechts, Gasentladungslampe rechts, Blende für Abblendlicht rechts, Standlicht vorn rechts, Blinklicht vorn rechts, Fernlicht rechts
1086
8. Diagnose-Interface für Datenbus, Steuergerät für Lenksäulenelektronik, Blinkerschalter, Schalter für Handlichthupe und Lichthupe	1087
105 - 2,0 l - Motronic/110 kW, Motorkennbuchstaben BLX	1088-1107
1. 2,0 l - Motronic/110 kW, Motorkennbuchstaben BLX	1088
2. Batterie, Drehstromgenerator, Anlasser, Sicherungen	1089
3. Relais für Spannungsversorgung Klemme 30, Relais 2 für Spannungsversorgung Klemme 15, Sicherungen	1090
4. Steuergerät für Kraftstoffpumpe, Geber für Kraftstoffvorratsanzeige, Kraftstoffpumpe	1091
5. Stromversorgungsrelais für Motronic	1092
6. Motorsteuergerät	1093
7. Motorsteuergerät, Zündspulen mit Leistungsendstufe, Zündkerzen	1094
8. Motorsteuergerät, Drosselklappensteuereinheit, Kühlmitteltemperaturgeber, Kühlmitteltemperaturgeber am Kühlerausgang	1095
9. Motorsteuergerät, Geber für Motordrehzahl, Potentiometer für Abgasrückführung, Ventil für Abgasrückführung, Klopfsensoren	1096
10. Motorsteuergerät, Hallgeber, Ansauglufttemperaturgeber, Saugrohrdruckgeber, Kraftstoffdruckgeber	1097
11. Motorsteuergerät, Einspritzventile, Potentiometer für Saugrohrklappe, Motor für Saugrohrklappe	1098
12. Motorsteuergerät, Ventil für Aktivkohlebehälter, Ventil für Nockenwellenverstellung, Ventil für Saugrohrklappe	1099
13. Motorsteuergerät, Lambdasonde, Geber für Gaspedalstellung	1100
14. Motorsteuergerät, Lambdasonde 1 nach Katalysator, Lambdasonde 2 (vor Katalysator)	1101
15. Motorsteuergerät, Lambdasonde 2 nach Katalysator, Lambdasonde 3 nach Katalysator, NOx-Geber, Steuergerät für NOx-Sensor	1102
16. Motorsteuergerät, Geber 1 für Abgastemperatur, Drucksensor für Bremskraftverstärkung, Geber für Kühlmitteltemperatur Kühlerausgang, Geber 2 für Ansauglufttemperatur
1103
17. Motorsteuergerät, Bremslichtschalter, Bremspedalschalter	1104
18. Motorsteuergerät, Kupplungspositionsgeber	1105
19. Schalttafeleinsatz, Diagnose-Interface für Datenbus, Anschluß Eigendiagnose, Fehlerlampe für elektrische Gasbetätigung, Multifunktionsanzeige
1106
20. Schalttafeleinsatz, Ölstand- und Öltemperaturgeber, Abgas Warnleuchte, Kraftstoffvorratsanzeige, Kühlmitteltemperaturanzeige, Öldruckschalter, Kontrollleuchte für Öldruck, Warnsummer
1107
106 - Sitzheizung	1108-1112
1. Sitzheizung	1108
2. Entlastungsrelais für X-Kontakt, Sicherungsbelegung	1109
3. Steuergerät für beheizbaren Fahrersitz, Temperaturfühler Fahrersitz, Wangenheizung Fahrersitz, beheizbare Fahrerlehne, Temperaturfühler Fahrersitz
1110
4. Steuergerät für beheizbaren Beifahrersitz, beheizbarer Beifahrersitz, Wangenheizung Beifahrersitz, beheizbare Beifahrerlehne, Temperaturfühler Beifahrersitz
1111
5. Einsteller für beheizbaren Fahrersitz, Einsteller für beheizbaren Beifahrersitz	1112
107 - 2,0 l - Motronic/85 kW, Motorkennbuchstaben BSX, Invalent (Erdgas/Benzin)	1113-1130
1. 2,0 l - Motronic/85 kW, Motorkennbuchstaben BSX, Invalent (Erdgas/Benzin)	1113
2. Batterie, Drehstromgenerator, Anlasser, Sicherungen	1114
3. Relais für Spannungsversorgung Klemme 30, Relais 2 für Spannungsversorgung Klemme 15, Sicherungen	1115
4. Geber für Kraftstoffvorratsanzeige, Geber für Kraftstoffvorratsanzeige, Relais für Sekundärluftpumpe, Motor für Sekundärluftpumpe, Abschaltrelais für Kraftstoffpumpe
1116
5. Stromversorgungsrelais für Motronic, Kraftstoffpumpenrelais, Relais für Kraftstoffvorlauf	1117
6. Motorsteuergerät	1118
7. Motorsteuergerät, Zündspulen 1-4 mit Leistungsendstufe, Zündkerzen	1119
8. Motorsteuergerät, Heizwiderstand für Kurbelgehäuseentlüftung, Magnetventil für Gasbetrieb, Drosselklappensteuereinheit	1120
9. Motorsteuergerät, Klopfsensoren, Kühlmitteltemperaturgeber, Hallgeber	1121
10. Motorsteuergerät, Saugrohrdruckgeber, Geber für Motordrehzahl, Ventil für Gasbetrieb	1122
11. Motorsteuergerät, Magnetventil für Aktivkohlebehälter, Sensor für Gasvorratsanzeige	1123
12. Motorsteuergerät, Einspritzventile	1124
13. Motorsteuergerät, Gaseinblasventile, Hochdruckventil für Gasbetrieb	1125
14. Motorsteuergerät, Sensor für Tankdruck, Geber für Gaspedalstellung, Ventil 1 und 2 für Kraftstoffsystem	1126
15. Motorsteuergerät, Lambdasonde, Geber für Gaspedalstellung, Ventil 1 und 2 für Gasbetrieb	1127
16. Motorsteuergerät, Bremslichtschalter, Bremspedalschalter, Kupplungspositionsgeber	1128
17. Schalttafeleinsatz, Diagnose-Interface für Datenbus, Kontrollleuchte für Motorelektronik, Multifunktionsanzeige, Segmentanzeige im Schalttafeleinsatz
1129
18. Ölstand- und Öltemperaturgeber, Abgas Warnleuchte, Kühlmitteltemperaturanzeige, Öldruckschalter, Kontrollleuchte für Öldruck, Kontrollleuchte für Erdgasbetrieb, Erdgasvorratsanzeige
1130
108 - 2,0 l - Motronic/110 kW, Motorkennbuchstaben BVZ	1131-1149
1. 2,0 l - Motronic/110 kW, Motorkennbuchstaben BVZ	1131
2. Batterie, Drehstromgenerator, Anlasser, Sicherungen	1132
3. Relais für Spannungsversorgung Klemme 30, Relais 2 für Spannungsversorgung Klemme 15, Sicherungen	1133
4. Steuergerät für Kraftstoffpumpe, Geber für Kraftstoffvorratsanzeige, Kraftstoffpumpe	1134
5. Stromversorgungsrelais für Motronic	1135
6. Motorsteuergerät	1136
7. Motorsteuergerät, Zündspulen mit Leistungsendstufe, Zündkerzen	1137
8. Motorsteuergerät, Drosselklappensteuereinheit, Kühlmitteltemperaturgeber	1138
9. Motorsteuergerät, Geber für Motordrehzahl, Klopfsensoren, Kraftstoffdruckgeber	1139
10. Motorsteuergerät, Hallgeber, Ansauglufttemperaturgeber, Saugrohrdruckgeber, Potentiometer für Saugrohrklappe, Motor für Saugrohrklappe
1140
11. Motorsteuergerät, Potentiometer für Abgasrückführung, Ventil für Abgasrückführung, Einspritzventile	1141
12. Motorsteuergerät, Ventil für Registersaugrohrumschaltung, Magnetventil 1 für Aktivkohlebehälter, Ventil 1 für Nockenwellenverstellung, Regelventil für Kraftstoffdruck
1142
13. Motorsteuergerät, Lambdasonde, Lambdasonde 1 nach Katalysator	1143
14. Motorsteuergerät, Lambdasonde 2 nach Katalysator, Lambdasonde 3 nach Katalysator	1144
15. Motorsteuergerät, Geber für Kühlmitteltemperatur Kühlerausgang, Drucksensor für Bremskraftverstärkung, Geber 2 für Ansauglufttemperatur, Unterdruckpumpe für Bremse
1145
16. Motorsteuergerät, Bremslichtschalter, Bremspedalschalter	1146
17. Motorsteuergerät, Kupplungspositionsgeber	1147
18. Schalttafeleinsatz, Diagnose-Interface für Datenbus, Anschluß Eigendiagnose, Fehlerlampe für elektrische Gasbetätigung, Multifunktionsanzeige
1148
19. Schalttafeleinsatz, Ölstand- und Öltemperaturgeber, Abgas Warnleuchte, Kraftstoffvorratsanzeige, Kühlmitteltemperaturanzeige, Öldruckschalter, Kontrollleuchte für Öldruck, Warnsummer
1149
109 - 1,4 l - Motronic/103 kW, Motorkennbuchstaben BMY	1150-1167
1. 1,4 l - Motronic/103 kW, Motorkennbuchstaben BMY	1150
2. Batterie, Drehstromgenerator, Anlasser, Sicherungen	1151
3. Relais für Spannungsversorgung Klemme 30, Relais 2 für Spannungsversorgung Klemme 15, Magnetkupplung für Kompressor, Sensor für Strommessung, Sicherungen
1152
4. Steuergerät für Kraftstoffpumpe, Geber für Kraftstoffvorratsanzeige, Kraftstoffpumpe	1153
5. Stromversorgungsrelais für Motronic	1154
6. Motorsteuergerät	1155
7. Motorsteuergerät, Zündspulen mit Leistungsendstufe, Zündkerzen	1156
8. Motorsteuergerät, Drosselklappensteuereinheit, Potentiometer für Saugrohrklappe, Motor für Saugrohrklappe	1157
9. Motorsteuergerät, Hallgeber, Geber für Motordrehzahl, Stellmotor für Regelklappensteuereinheit, Potentiometer für Regelklappe, Ansauglufttemperaturgeber, Saugrohrdruckgeber
1158
10. Motorsteuergerät, Ansauglufttemperaturgeber 3, Saugrohrdruckgeber 3, Ladedruckgeber, Ansauglufttemperaturgeber 2	1159
11. Motorsteuergerät, Klopfsensor 1, Einspritzventile	1160
12. Motorsteuergerät, Kühlmittelumlaufpumpe, Pumpe für Kühlmittelnachlauf, Magnetventil für Ladedruckbegrenzung, Umluftventil für Turbolader
1161
13. Ventil für Saugrohr-Nockenwellenverstellung, Aktivkohlebehälter und Abgasrückführung, Geber für Kühlmitteltemperatur Kühlerausgang, Drucksensor für Bremskraftverstärkung
1162
14. Motorsteuergerät, Lambdasonde, Gaspedalstellungsgeber	1163
15. Motorsteuergerät, Lambdasonde nach Katalysator, Bremslichtschalter, Bremspedalschalter	1164
16. Motorsteuergerät, Kupplungspositionsgeber	1165
17. Schalttafeleinsatz, Diagnose-Interface für Datenbus, Anschluß Eigendiagnose, Fehlerlampe für elektrische Gasbetätigung, Multifunktionsanzeige
1166
18. Ölstand- und Öltemperaturgeber, Abgas Warnleuchte, Kraftstoffvorratsanzeige, Kühlmitteltemperaturanzeige, Öldruckschalter, Kontrollleuchte für Öldruck, Warnsummer
1167
110 - 2,0 l-Dieselmotor , BMN	1168-1186
1. 2,0 l-Dieselmotor , BMN	1168
2. Batterie, Anlasser, Bordnetzsteuergerät, Relais für Spannungsversorgung, Kl. 15, Relais für Spannungsversorgung, Kl. 50	1169
3. Bordnetzsteuergerät, Sicherung 5 auf Sicherungshalter A	1170
4. Stromversorgungsrelais mit Spannungsregler, Sicherung 1 auf Sicherungshalter A, Sicherungshalter B	1171
5. Relais für Glühkerzen, Relais für Spannungsversorgung der Kl. 30, Glühkerze 1, Glühkerze 2, Glühkerze 3, Glühkerze 4, Sicherungshalter B, Steckbrücke
1172
6. Geber für Kraftstoffvorratsanzeige, Relais für Kraftstoffpumpe, Vorförderpumpe, Kraftstoffpumpe, Motorsteuergerät, Sicherungshalter B
1173
7. Motorsteuergerät	1174
8. Ladedruckgeber, Ansauglufttemperaturgeber, Gaspedalstellungsgeber, Geber für Lenksäulenelektronik, Motorsteuergerät	1175
9. Motorsteuergerät, Hallgeber, Motordrehzahlgeber, Kühlmitteltemperaturgeber, Kühlmitteltemperaturgeber am Kühlerausgang, Motorsteuergerät
1176
10. Motorsteuergerät, Ventil 1 für Pumpe/Düse des Zylinders 1, Ventil für Pumpe/Düse des Zylinders 2, Ventil für Pumpe/Düse des Zylinders 3, Ventil für Pumpe/Düse des Zylinders 4
1177
11. Motorsteuergerät, Drucksensor 1 für Abgas, Heizung für Lambdasonde	1178
12. Abgastemperaturgeber 1, Abgastemperaturgeber 2, Temperaturgeber nach Partikelfilter, Abgastemperaturgeber 4, Motorsteuergerät
1179
13. Potentiometer für Abgasrückführung, Positionsgeber für Ladedrucksteller, Motorsteuergerät, Abgasrückführungsventil	1180
14. Motorsteuergerät, Magnetventil für Ladedruckbegrenzung, Heizwiderstand für Kurbelgehäuseentlüftung, Umschaltventil für Kühler der Abgasrückführung
1181
15. Bremslichtschalter, Bremspedalschalter, Luftmassenmesser, Kupplungspositionsgeber, Motorsteuergerät	1182
16. Diagnose-Interface für Datenbus, Motorsteuergerät, Anschluß für Eigendiagnose	1183
17. Steuergerät mit Anzeigeeinheit im Schalttafeleinsatz, Schalttafeleinsatz	1184
18. Steuergerät mit Anzeigeeinheit im Schalttafeleinsatz, Schalttafeleinsatz	1185
111 - Telefonanlage/Telefonvorbereitung	1186-1190
